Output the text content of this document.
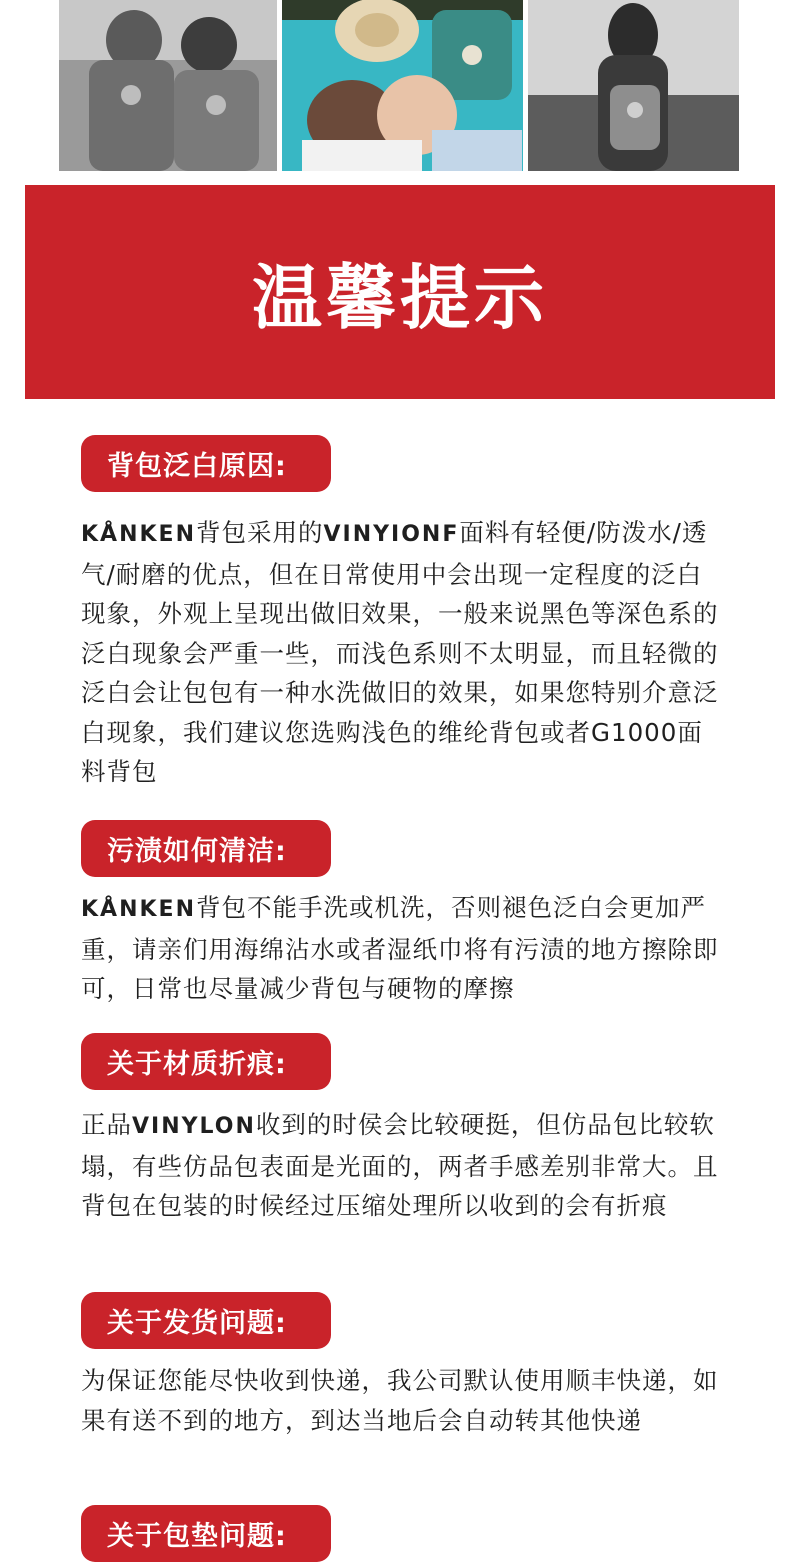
温馨提示
背包泛白原因:
KÅNKEN背包采用的VINYIONF面料有轻便/防泼水/透气/耐磨的优点，但在日常使用中会出现一定程度的泛白现象，外观上呈现出做旧效果，一般来说黑色等深色系的泛白现象会严重一些，而浅色系则不太明显，而且轻微的泛白会让包包有一种水洗做旧的效果，如果您特别介意泛白现象，我们建议您选购浅色的维纶背包或者G1000面料背包
污渍如何清洁:
KÅNKEN背包不能手洗或机洗，否则褪色泛白会更加严重，请亲们用海绵沾水或者湿纸巾将有污渍的地方擦除即可，日常也尽量减少背包与硬物的摩擦
关于材质折痕:
正品VINYLON收到的时侯会比较硬挺，但仿品包比较软塌，有些仿品包表面是光面的，两者手感差别非常大。且背包在包装的时候经过压缩处理所以收到的会有折痕
关于发货问题:
为保证您能尽快收到快递，我公司默认使用顺丰快递，如果有送不到的地方，到达当地后会自动转其他快递
关于包垫问题:
